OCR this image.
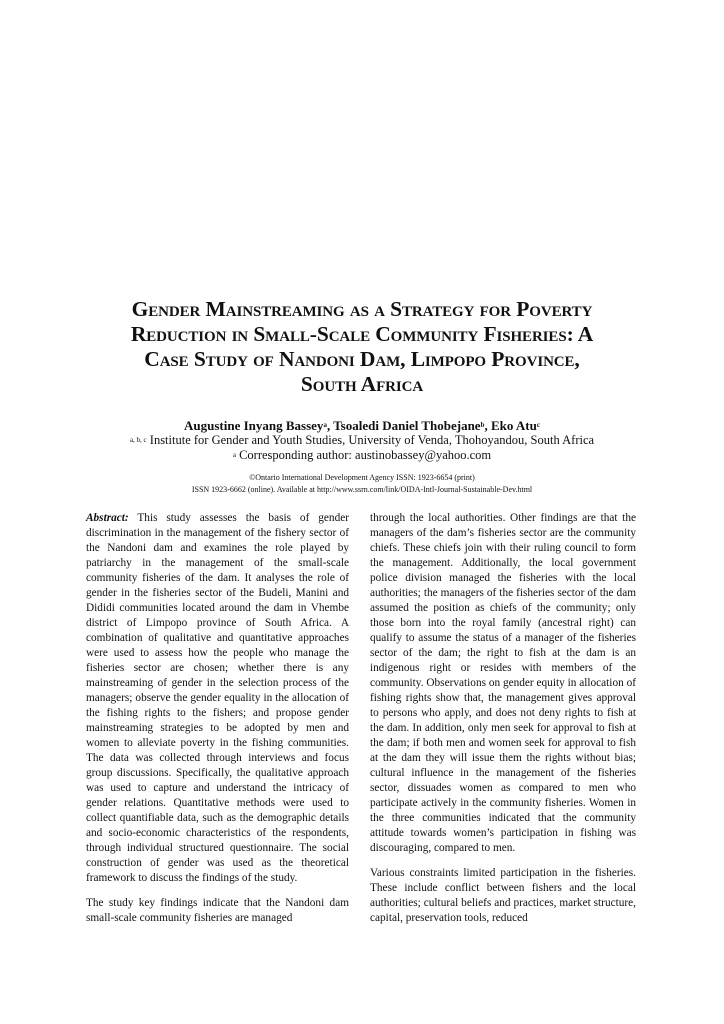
Gender Mainstreaming as a Strategy for Poverty
Reduction in Small-Scale Community Fisheries: A
Case Study of Nandoni Dam, Limpopo Province,
South Africa
Augustine Inyang Bassey$^a$, Tsoaledi Daniel Thobejane$^b$, Eko Atu$^c$
$^{a, b, c}$ Institute for Gender and Youth Studies, University of Venda, Thohoyandou, South Africa
$^a$ Corresponding author: austinobassey@yahoo.com
©Ontario International Development Agency ISSN: 1923-6654 (print)
ISSN 1923-6662 (online). Available at http://www.ssrn.com/link/OIDA-Intl-Journal-Sustainable-Dev.html

Abstract: This study assesses the basis of gender discrimination in the management of the fishery sector of the Nandoni dam and examines the role played by patriarchy in the management of the small-scale community fisheries of the dam. It analyses the role of gender in the fisheries sector of the Budeli, Manini and Dididi communities located around the dam in Vhembe district of Limpopo province of South Africa. A combination of qualitative and quantitative approaches were used to assess how the people who manage the fisheries sector are chosen; whether there is any mainstreaming of gender in the selection process of the managers; observe the gender equality in the allocation of the fishing rights to the fishers; and propose gender mainstreaming strategies to be adopted by men and women to alleviate poverty in the fishing communities. The data was collected through interviews and focus group discussions. Specifically, the qualitative approach was used to capture and understand the intricacy of gender relations. Quantitative methods were used to collect quantifiable data, such as the demographic details and socio-economic characteristics of the respondents, through individual structured questionnaire. The social construction of gender was used as the theoretical framework to discuss the findings of the study.

The study key findings indicate that the Nandoni dam small-scale community fisheries are managed

through the local authorities. Other findings are that the managers of the dam’s fisheries sector are the community chiefs. These chiefs join with their ruling council to form the management. Additionally, the local government police division managed the fisheries with the local authorities; the managers of the fisheries sector of the dam assumed the position as chiefs of the community; only those born into the royal family (ancestral right) can qualify to assume the status of a manager of the fisheries sector of the dam; the right to fish at the dam is an indigenous right or resides with members of the community. Observations on gender equity in allocation of fishing rights show that, the management gives approval to persons who apply, and does not deny rights to fish at the dam. In addition, only men seek for approval to fish at the dam; if both men and women seek for approval to fish at the dam they will issue them the rights without bias; cultural influence in the management of the fisheries sector, dissuades women as compared to men who participate actively in the community fisheries. Women in the three communities indicated that the community attitude towards women’s participation in fishing was discouraging, compared to men.

Various constraints limited participation in the fisheries. These include conflict between fishers and the local authorities; cultural beliefs and practices, market structure, capital, preservation tools, reduced
